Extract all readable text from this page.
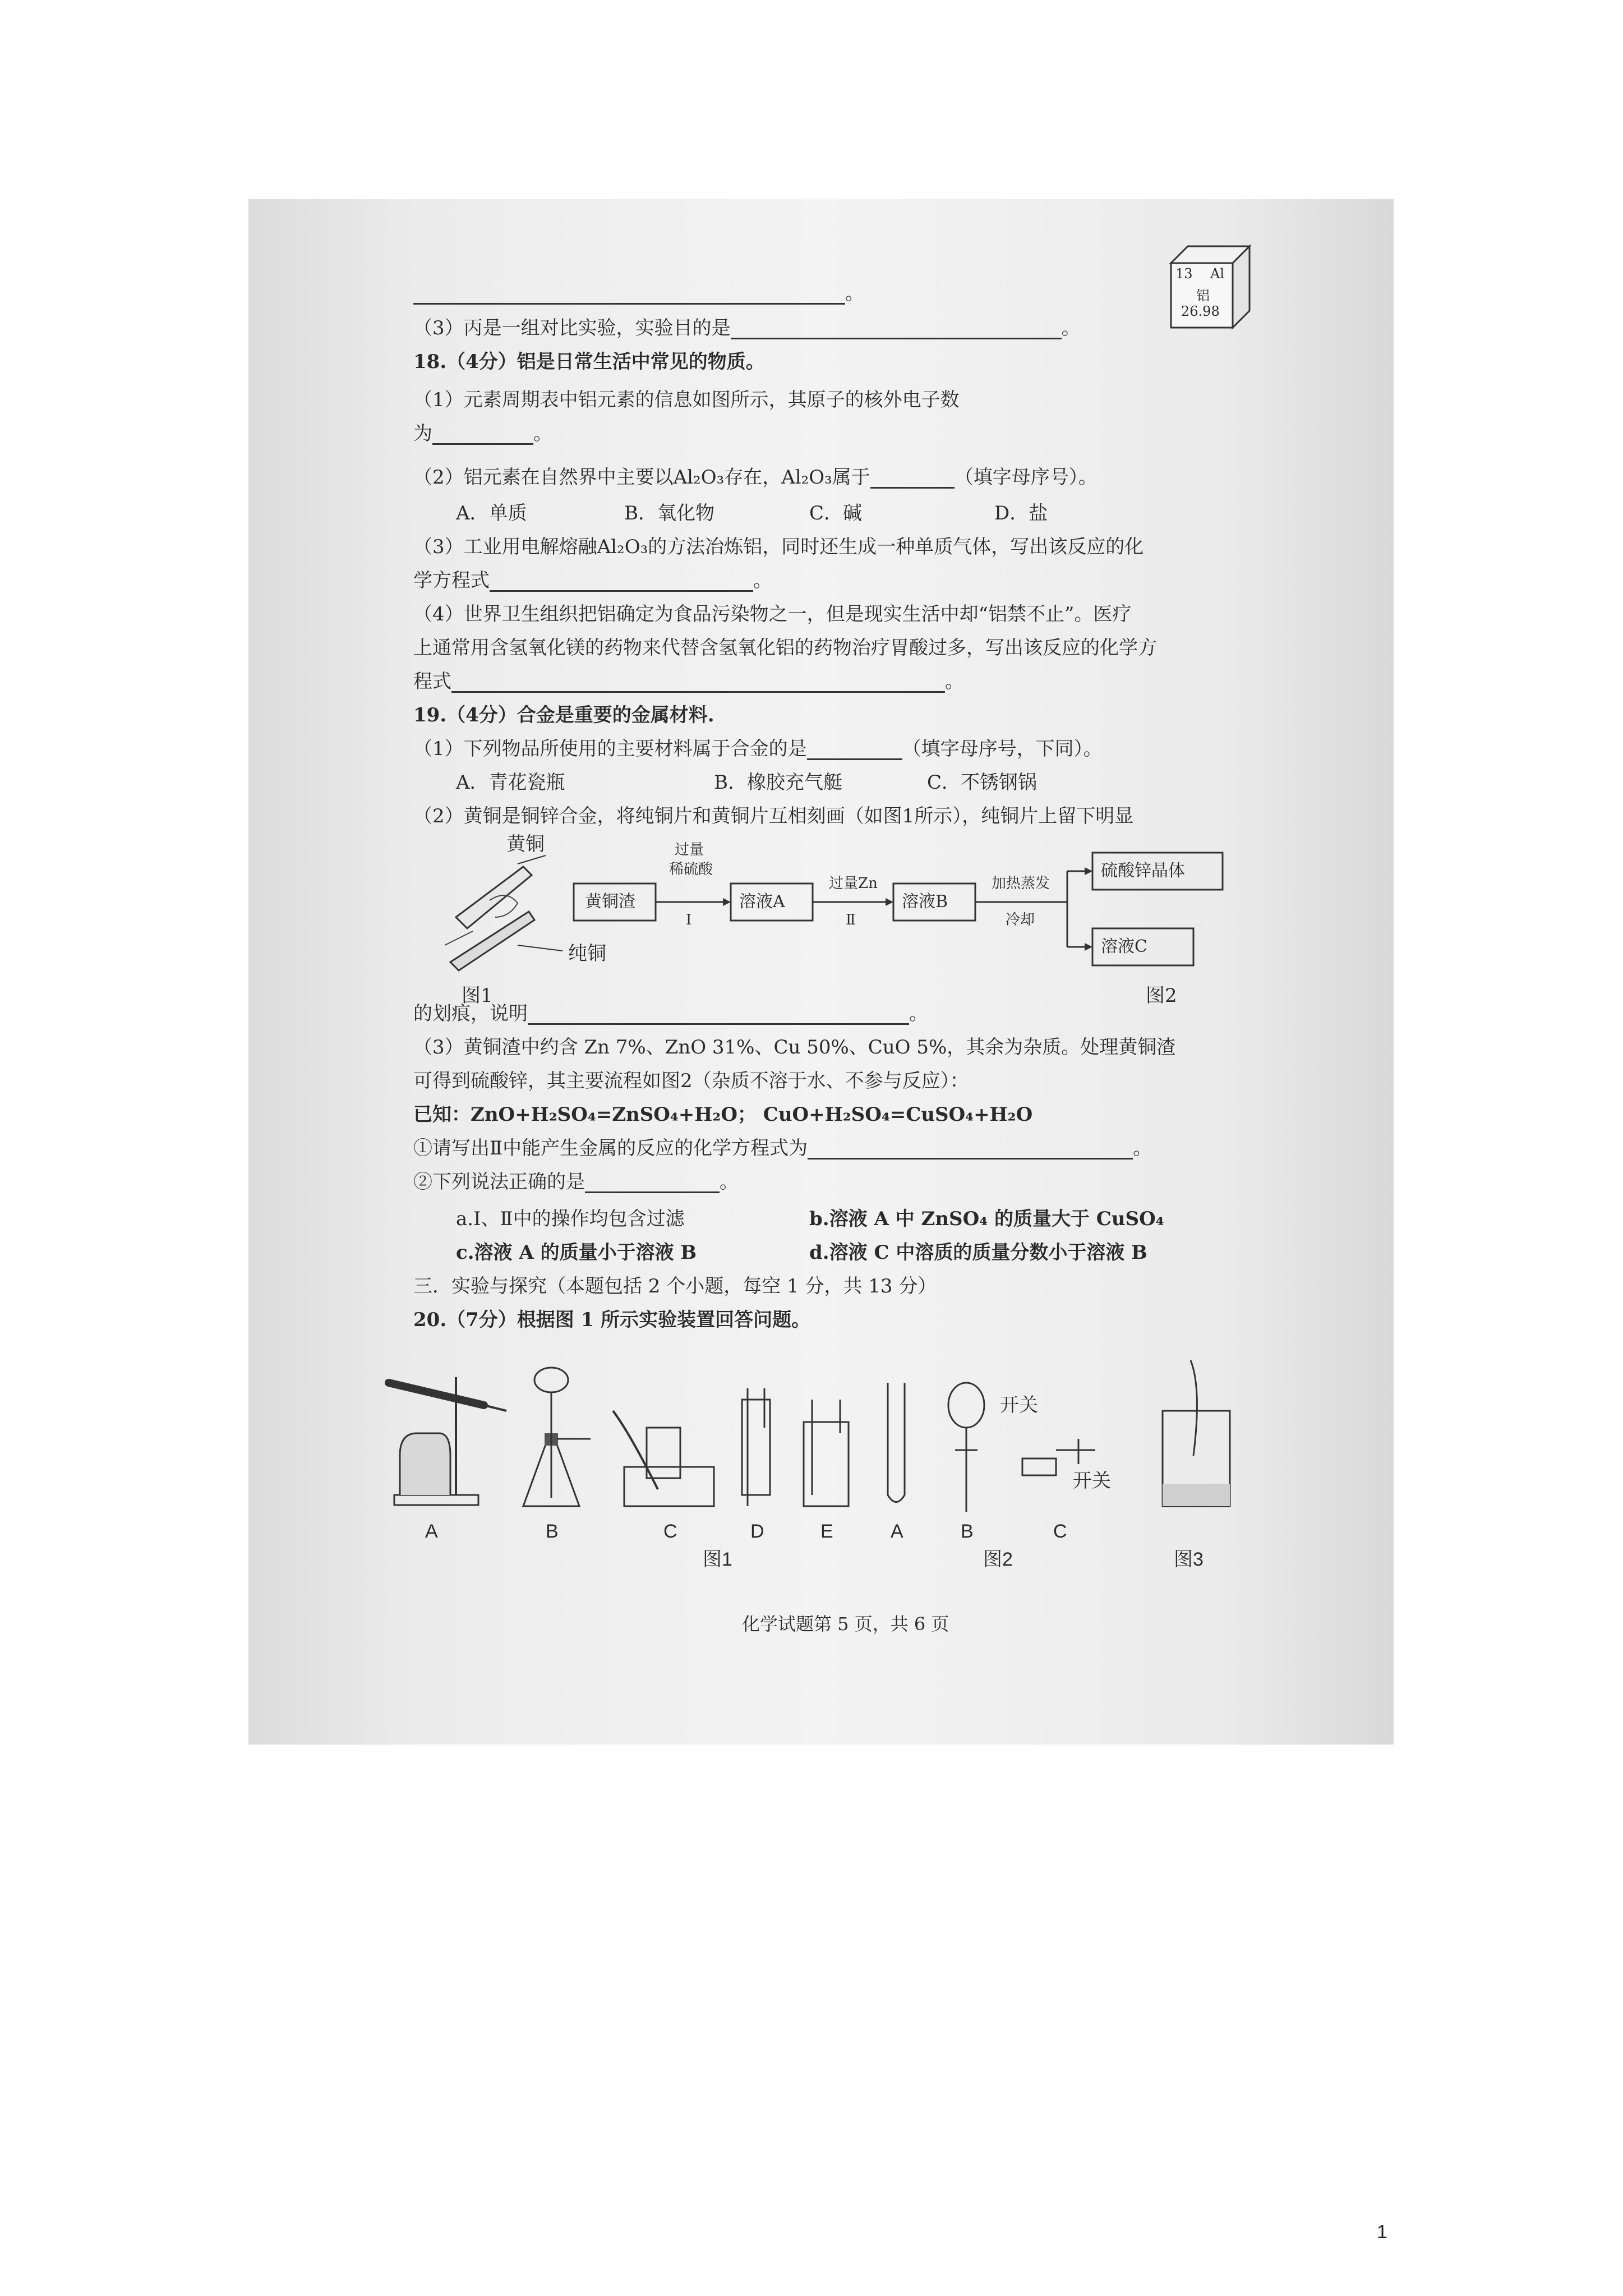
。
（3）丙是一组对比实验，实验目的是	。
18.（4分）铝是日常生活中常见的物质。
（1）元素周期表中铝元素的信息如图所示，其原子的核外电子数
为	。
13 Al
铝
26.98
（2）铝元素在自然界中主要以Al₂O₃存在，Al₂O₃属于	（填字母序号）。
A．单质	B．氧化物	C．碱	D．盐
（3）工业用电解熔融Al₂O₃的方法冶炼铝，同时还生成一种单质气体，写出该反应的化
学方程式	。
（4）世界卫生组织把铝确定为食品污染物之一，但是现实生活中却“铝禁不止”。医疗
上通常用含氢氧化镁的药物来代替含氢氧化铝的药物治疗胃酸过多，写出该反应的化学方
程式	。
19.（4分）合金是重要的金属材料.
（1）下列物品所使用的主要材料属于合金的是	（填字母序号，下同）。
A．青花瓷瓶	B．橡胶充气艇	C．不锈钢锅
（2）黄铜是铜锌合金，将纯铜片和黄铜片互相刻画（如图1所示），纯铜片上留下明显
黄铜
纯铜
图1
黄铜渣
过量
稀硫酸
Ⅰ
溶液A
过量Zn
Ⅱ
溶液B
加热蒸发
冷却
硫酸锌晶体
溶液C
图2
的划痕，说明	。
（3）黄铜渣中约含 Zn 7%、ZnO 31%、Cu 50%、CuO 5%，其余为杂质。处理黄铜渣
可得到硫酸锌，其主要流程如图2（杂质不溶于水、不参与反应）：
已知：ZnO+H₂SO₄=ZnSO₄+H₂O； CuO+H₂SO₄=CuSO₄+H₂O
①请写出Ⅱ中能产生金属的反应的化学方程式为	。
②下列说法正确的是	。
a.Ⅰ、Ⅱ中的操作均包含过滤	b.溶液 A 中 ZnSO₄ 的质量大于 CuSO₄
c.溶液 A 的质量小于溶液 B	d.溶液 C 中溶质的质量分数小于溶液 B
三．实验与探究（本题包括 2 个小题，每空 1 分，共 13 分）
20.（7分）根据图 1 所示实验装置回答问题。
A	B	C	D	E	A	B	C
开关
开关
图1	图2	图3
化学试题第 5 页，共 6 页
1
